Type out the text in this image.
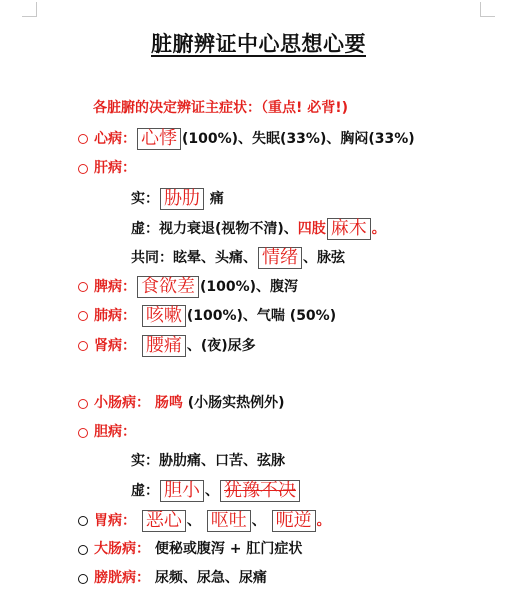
脏腑辨证中心思想心要
各脏腑的决定辨证主症状：（重点! 必背!)
心病： 心悸 (100%)、失眠(33%)、胸闷(33%)
肝病：
实： 胁肋 痛
虚：视力衰退(视物不清)、四肢 麻木 。
共同：眩晕、头痛、 情绪 、脉弦
脾病： 食欲差 (100%)、腹泻
肺病： 咳嗽 (100%)、气喘 (50%)
肾病： 腰痛 、(夜)尿多
小肠病： 肠鸣 (小肠实热例外)
胆病：
实：胁肋痛、口苦、弦脉
虚： 胆小 、 犹豫不决
胃病： 恶心 、 呕吐 、 呃逆 。
大肠病： 便秘或腹泻 + 肛门症状
膀胱病： 尿频、尿急、尿痛
